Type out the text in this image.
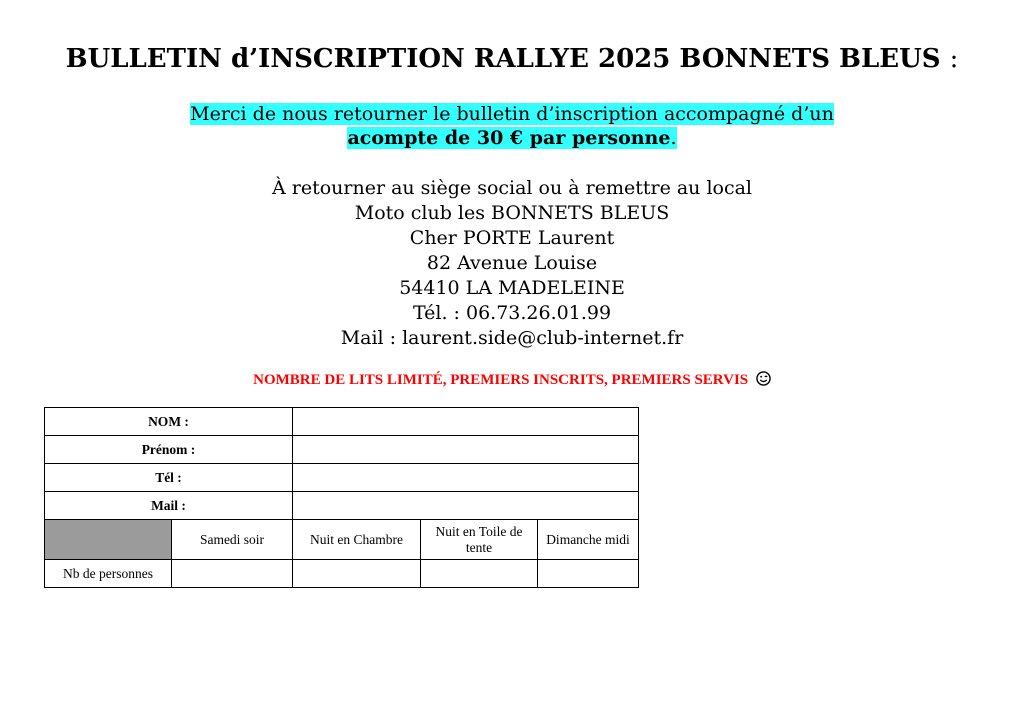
BULLETIN d’INSCRIPTION RALLYE 2025 BONNETS BLEUS :
Merci de nous retourner le bulletin d’inscription accompagné d’un
acompte de 30 € par personne.
À retourner au siège social ou à remettre au local
Moto club les BONNETS BLEUS
Cher PORTE Laurent
82 Avenue Louise
54410 LA MADELEINE
Tél. : 06.73.26.01.99
Mail : laurent.side@club-internet.fr
NOMBRE DE LITS LIMITÉ, PREMIERS INSCRITS, PREMIERS SERVIS
NOM :				
Prénom :				
Tél :				
Mail :				
	Samedi soir	Nuit en Chambre	Nuit en Toile de tente	Dimanche midi
Nb de personnes				
